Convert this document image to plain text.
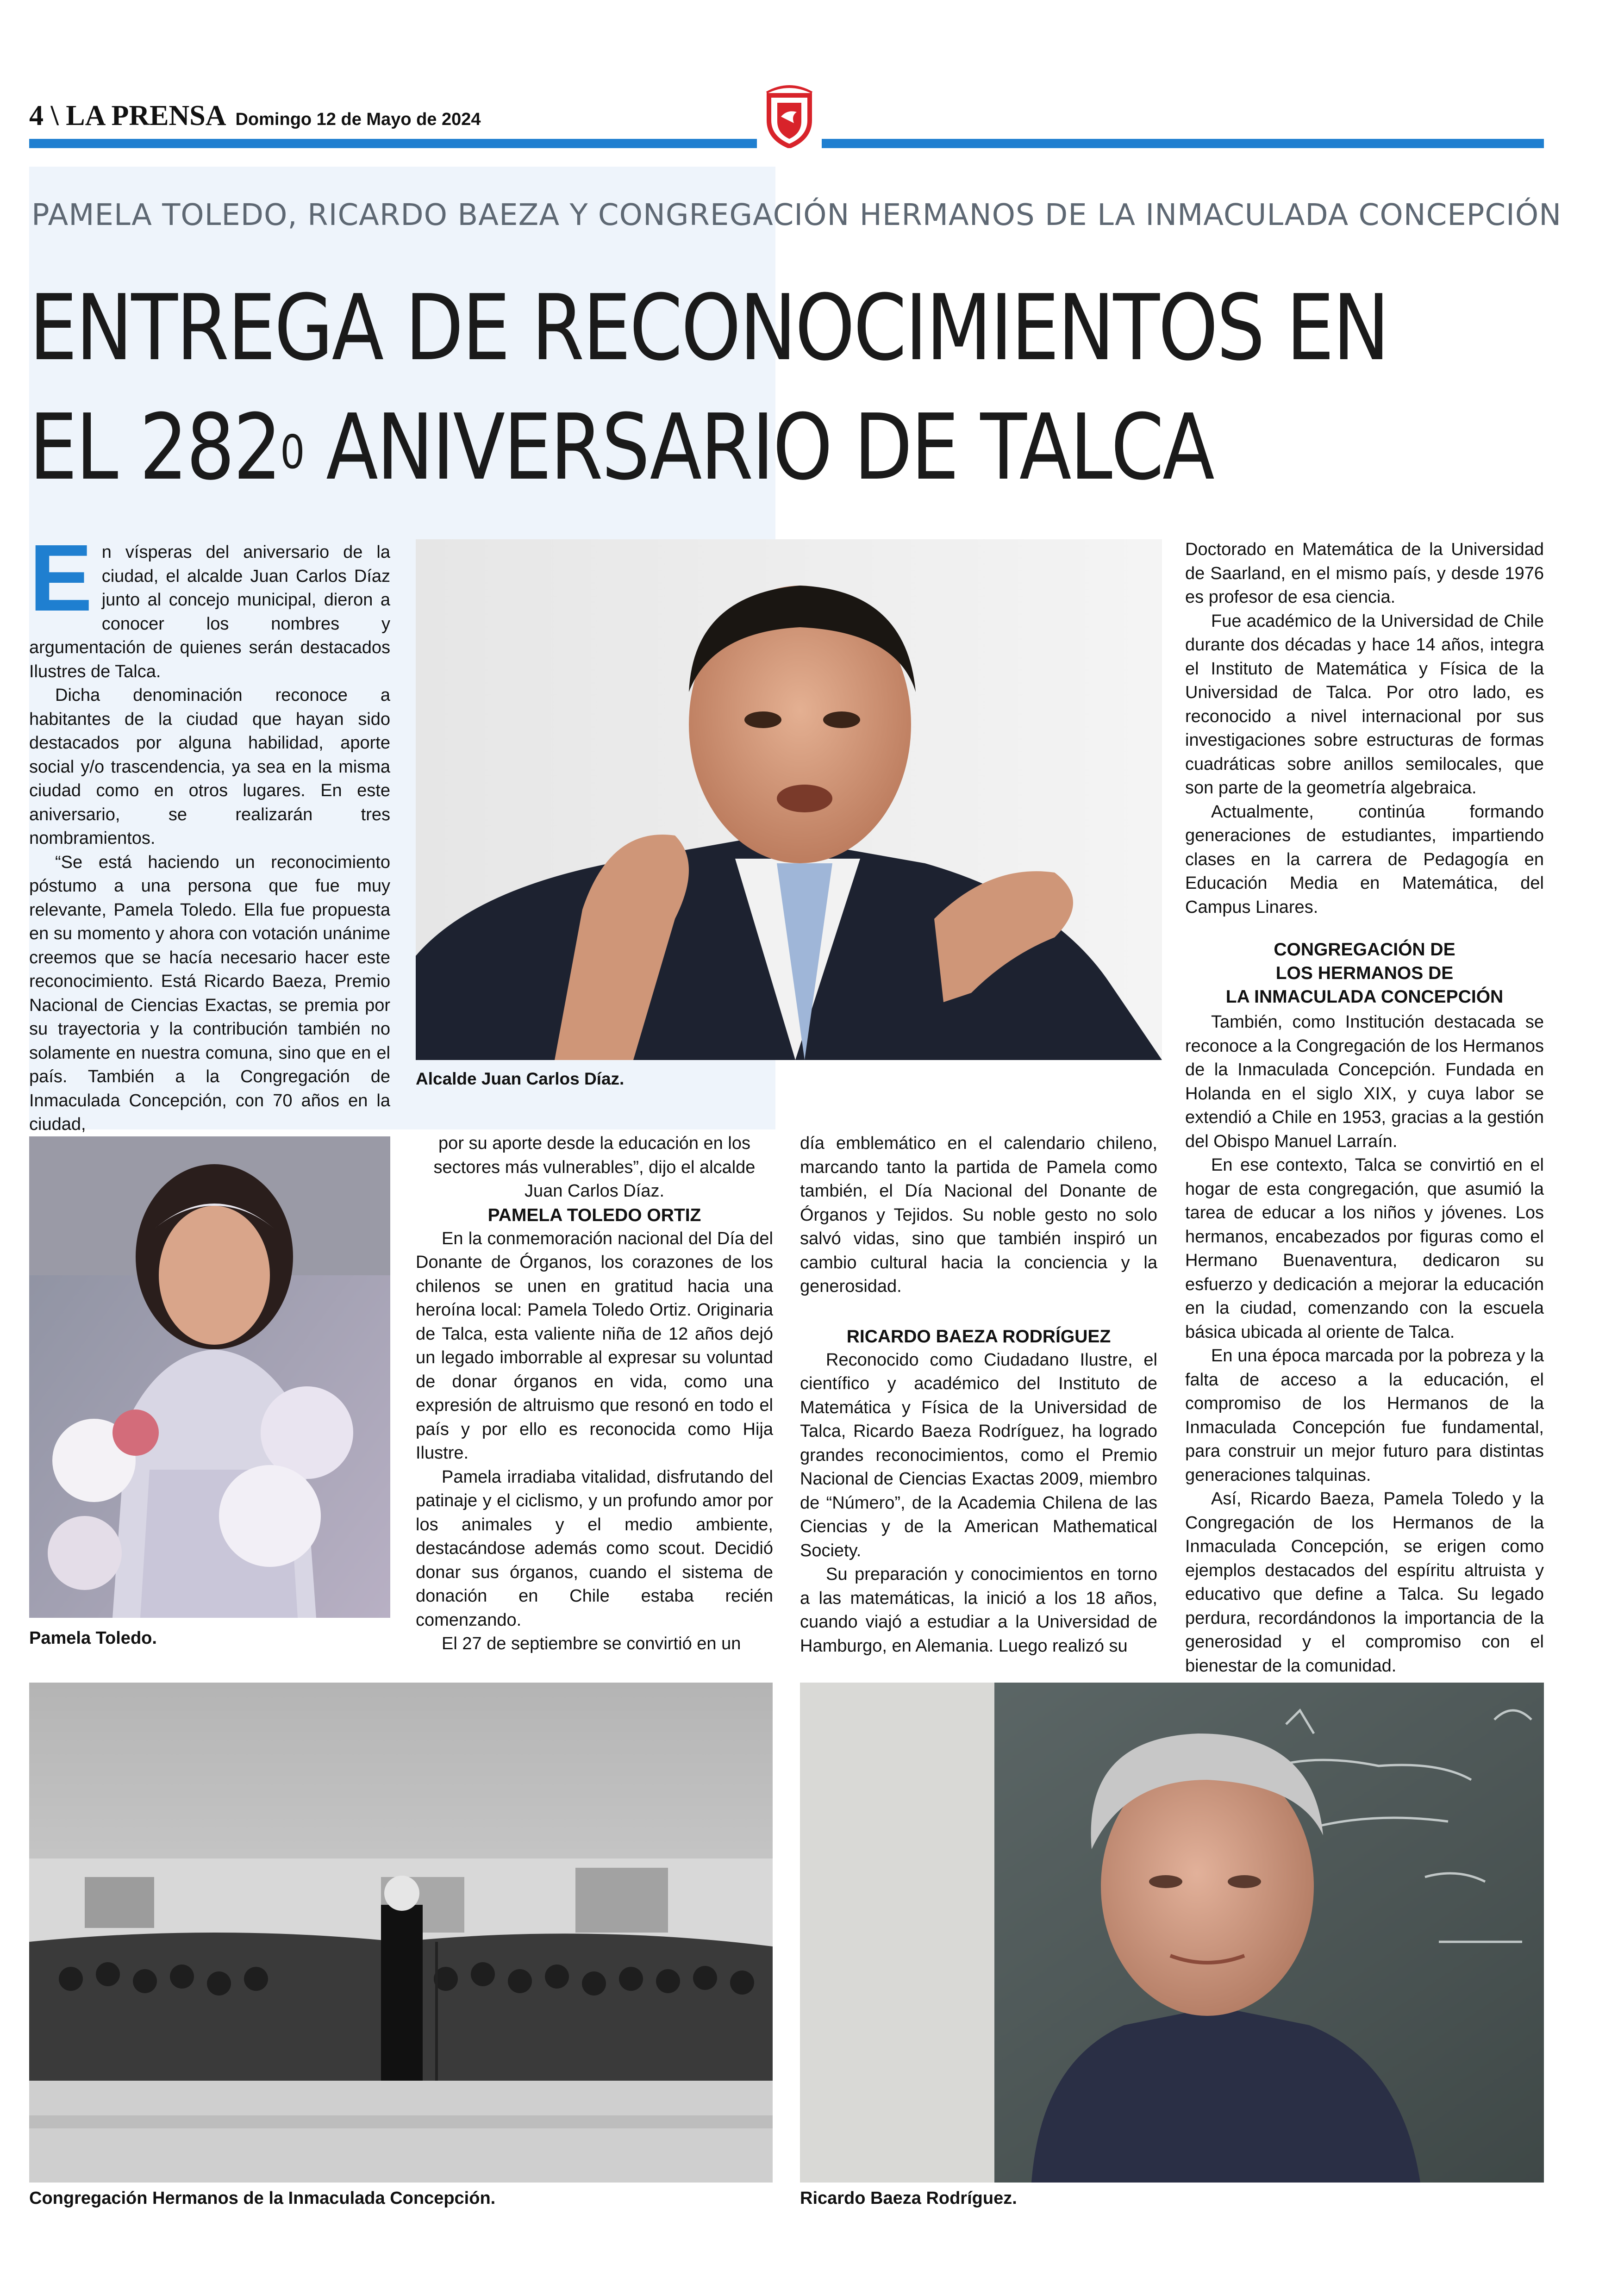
4 \ LA PRENSA Domingo 12 de Mayo de 2024
PAMELA TOLEDO, RICARDO BAEZA Y CONGREGACIÓN HERMANOS DE LA INMACULADA CONCEPCIÓN
ENTREGA DE RECONOCIMIENTOS EN
EL $282^0$ ANIVERSARIO DE TALCA
E n vísperas del aniversario de la ciudad, el alcalde Juan Carlos Díaz junto al concejo municipal, dieron a conocer los nombres y argumentación de quienes serán destacados Ilustres de Talca.

Dicha denominación reconoce a habitantes de la ciudad que hayan sido destacados por alguna habilidad, aporte social y/o trascendencia, ya sea en la misma ciudad como en otros lugares. En este aniversario, se realizarán tres nombramientos.

“Se está haciendo un reconocimiento póstumo a una persona que fue muy relevante, Pamela Toledo. Ella fue propuesta en su momento y ahora con votación unánime creemos que se hacía necesario hacer este reconocimiento. Está Ricardo Baeza, Premio Nacional de Ciencias Exactas, se premia por su trayectoria y la contribución también no solamente en nuestra comuna, sino que en el país. También a la Congregación de Inmaculada Concepción, con 70 años en la ciudad,

Alcalde Juan Carlos Díaz.
Pamela Toledo.

por su aporte desde la educación en los sectores más vulnerables”, dijo el alcalde Juan Carlos Díaz.

PAMELA TOLEDO ORTIZ

En la conmemoración nacional del Día del Donante de Órganos, los corazones de los chilenos se unen en gratitud hacia una heroína local: Pamela Toledo Ortiz. Originaria de Talca, esta valiente niña de 12 años dejó un legado imborrable al expresar su voluntad de donar órganos en vida, como una expresión de altruismo que resonó en todo el país y por ello es reconocida como Hija Ilustre.

Pamela irradiaba vitalidad, disfrutando del patinaje y el ciclismo, y un profundo amor por los animales y el medio ambiente, destacándose además como scout. Decidió donar sus órganos, cuando el sistema de donación en Chile estaba recién comenzando.

El 27 de septiembre se convirtió en un

día emblemático en el calendario chileno, marcando tanto la partida de Pamela como también, el Día Nacional del Donante de Órganos y Tejidos. Su noble gesto no solo salvó vidas, sino que también inspiró un cambio cultural hacia la conciencia y la generosidad.

RICARDO BAEZA RODRÍGUEZ

Reconocido como Ciudadano Ilustre, el científico y académico del Instituto de Matemática y Física de la Universidad de Talca, Ricardo Baeza Rodríguez, ha logrado grandes reconocimientos, como el Premio Nacional de Ciencias Exactas 2009, miembro de “Número”, de la Academia Chilena de las Ciencias y de la American Mathematical Society.

Su preparación y conocimientos en torno a las matemáticas, la inició a los 18 años, cuando viajó a estudiar a la Universidad de Hamburgo, en Alemania. Luego realizó su

Doctorado en Matemática de la Universidad de Saarland, en el mismo país, y desde 1976 es profesor de esa ciencia.

Fue académico de la Universidad de Chile durante dos décadas y hace 14 años, integra el Instituto de Matemática y Física de la Universidad de Talca. Por otro lado, es reconocido a nivel internacional por sus investigaciones sobre estructuras de formas cuadráticas sobre anillos semilocales, que son parte de la geometría algebraica.

Actualmente, continúa formando generaciones de estudiantes, impartiendo clases en la carrera de Pedagogía en Educación Media en Matemática, del Campus Linares.

CONGREGACIÓN DE
LOS HERMANOS DE
LA INMACULADA CONCEPCIÓN

También, como Institución destacada se reconoce a la Congregación de los Hermanos de la Inmaculada Concepción. Fundada en Holanda en el siglo XIX, y cuya labor se extendió a Chile en 1953, gracias a la gestión del Obispo Manuel Larraín.

En ese contexto, Talca se convirtió en el hogar de esta congregación, que asumió la tarea de educar a los niños y jóvenes. Los hermanos, encabezados por figuras como el Hermano Buenaventura, dedicaron su esfuerzo y dedicación a mejorar la educación en la ciudad, comenzando con la escuela básica ubicada al oriente de Talca.

En una época marcada por la pobreza y la falta de acceso a la educación, el compromiso de los Hermanos de la Inmaculada Concepción fue fundamental, para construir un mejor futuro para distintas generaciones talquinas.

Así, Ricardo Baeza, Pamela Toledo y la Congregación de los Hermanos de la Inmaculada Concepción, se erigen como ejemplos destacados del espíritu altruista y educativo que define a Talca. Su legado perdura, recordándonos la importancia de la generosidad y el compromiso con el bienestar de la comunidad.

Congregación Hermanos de la Inmaculada Concepción.	Ricardo Baeza Rodríguez.
